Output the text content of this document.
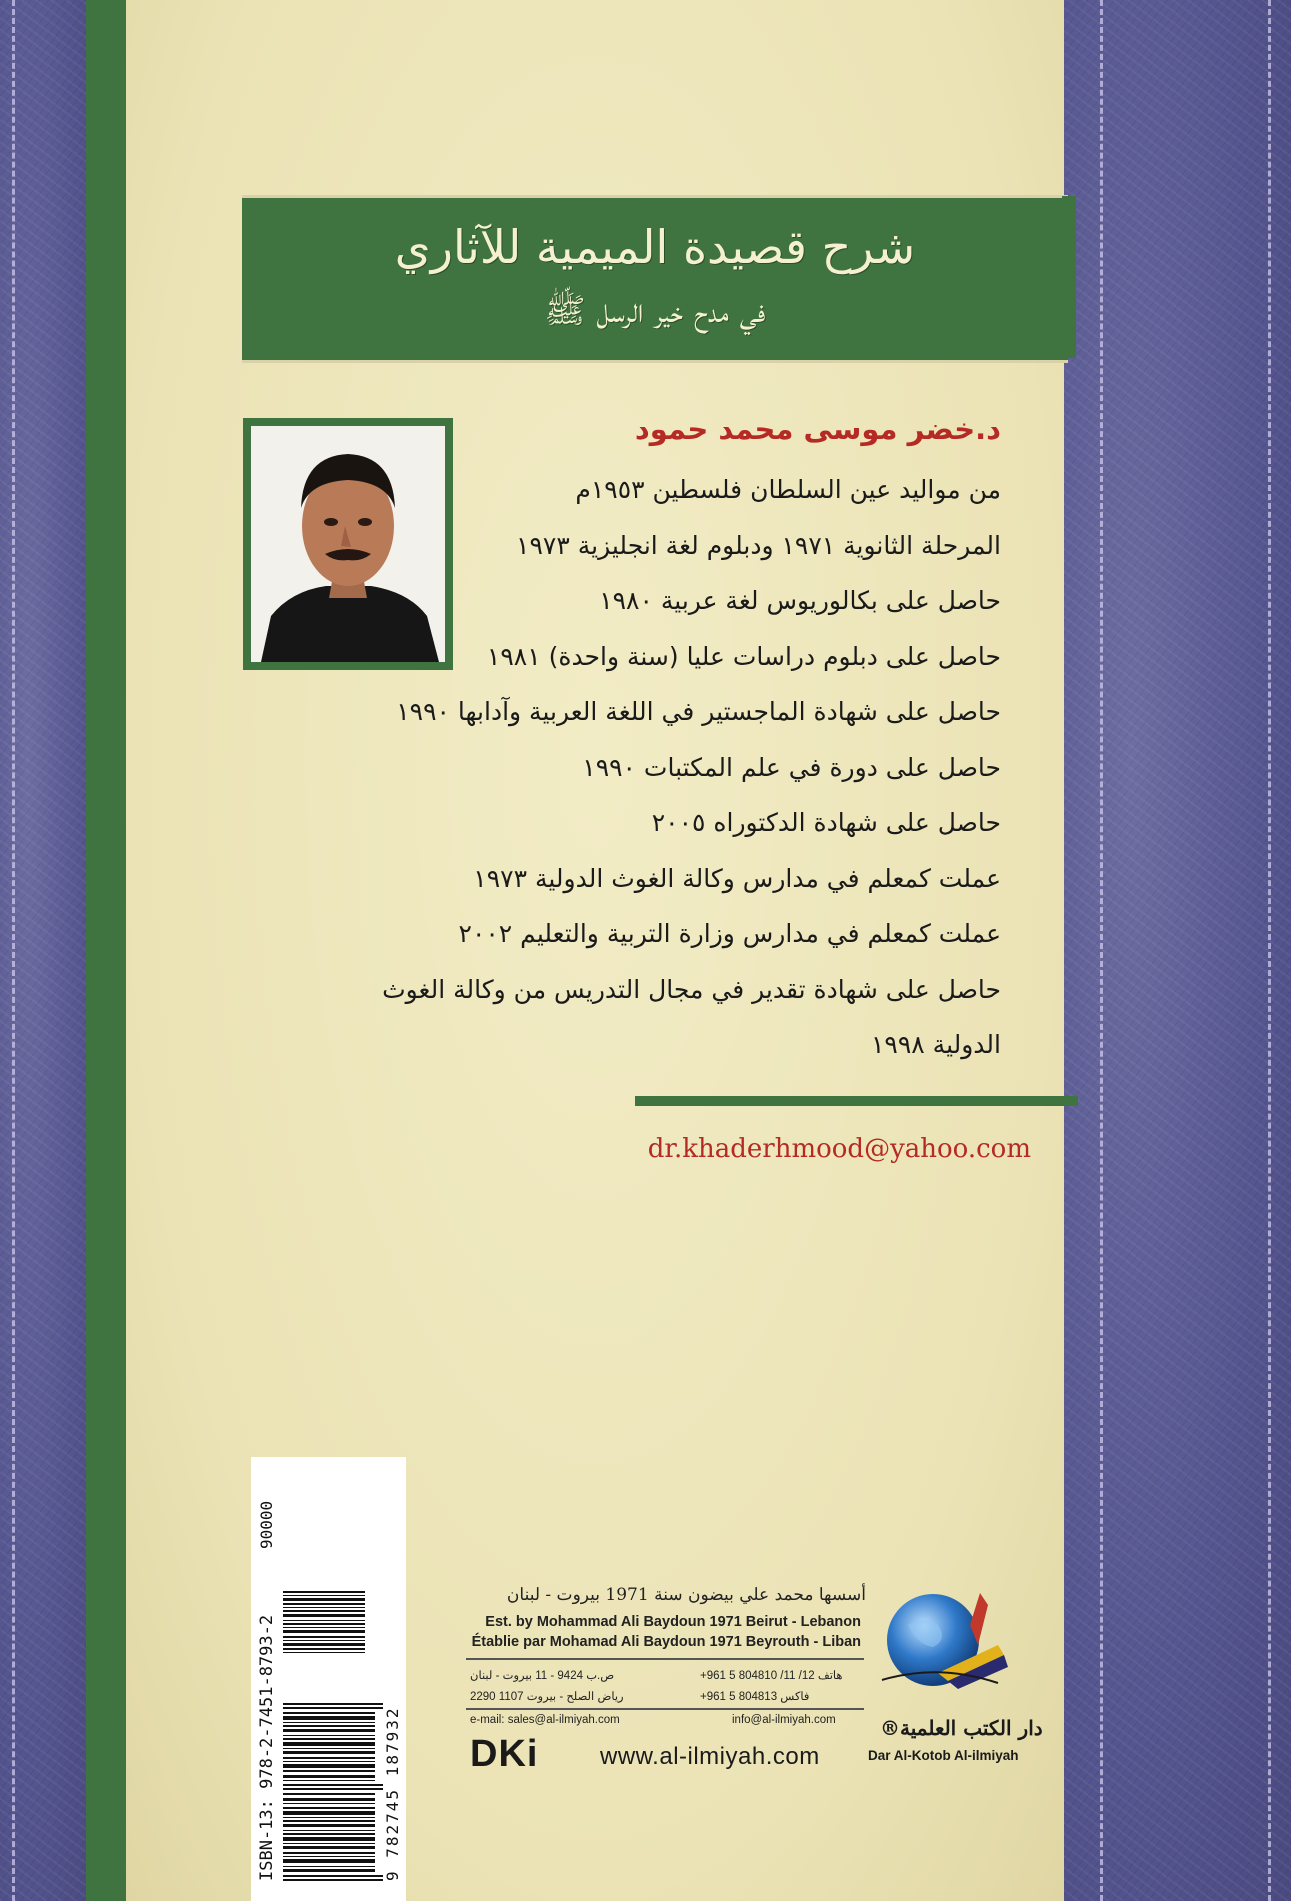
شرح قصيدة الميمية للآثاري
في مدح خير الرسل ﷺ
د.خضر موسى محمد حمود
من مواليد عين السلطان فلسطين ١٩٥٣م
المرحلة الثانوية ١٩٧١ ودبلوم لغة انجليزية ١٩٧٣
حاصل على بكالوريوس لغة عربية ١٩٨٠
حاصل على دبلوم دراسات عليا (سنة واحدة) ١٩٨١
حاصل على شهادة الماجستير في اللغة العربية وآدابها ١٩٩٠
حاصل على دورة في علم المكتبات ١٩٩٠
حاصل على شهادة الدكتوراه ٢٠٠٥
عملت كمعلم في مدارس وكالة الغوث الدولية ١٩٧٣
عملت كمعلم في مدارس وزارة التربية والتعليم ٢٠٠٢
حاصل على شهادة تقدير في مجال التدريس من وكالة الغوث
الدولية ١٩٩٨
dr.khaderhmood@yahoo.com
ISBN-13: 978-2-7451-8793-2
90000
9 782745 187932
أسسها محمد علي بيضون سنة 1971 بيروت - لبنان
Est. by Mohammad Ali Baydoun 1971 Beirut - Lebanon
Établie par Mohamad Ali Baydoun 1971 Beyrouth - Liban
هاتف 12/ 11/ 804810 5 961+
ص.ب 9424 - 11 بيروت - لبنان
فاكس 804813 5 961+
رياض الصلح - بيروت 1107 2290
e-mail: sales@al-ilmiyah.com	info@al-ilmiyah.com
DKi	www.al-ilmiyah.com
دار الكتب العلمية®
Dar Al-Kotob Al-ilmiyah
